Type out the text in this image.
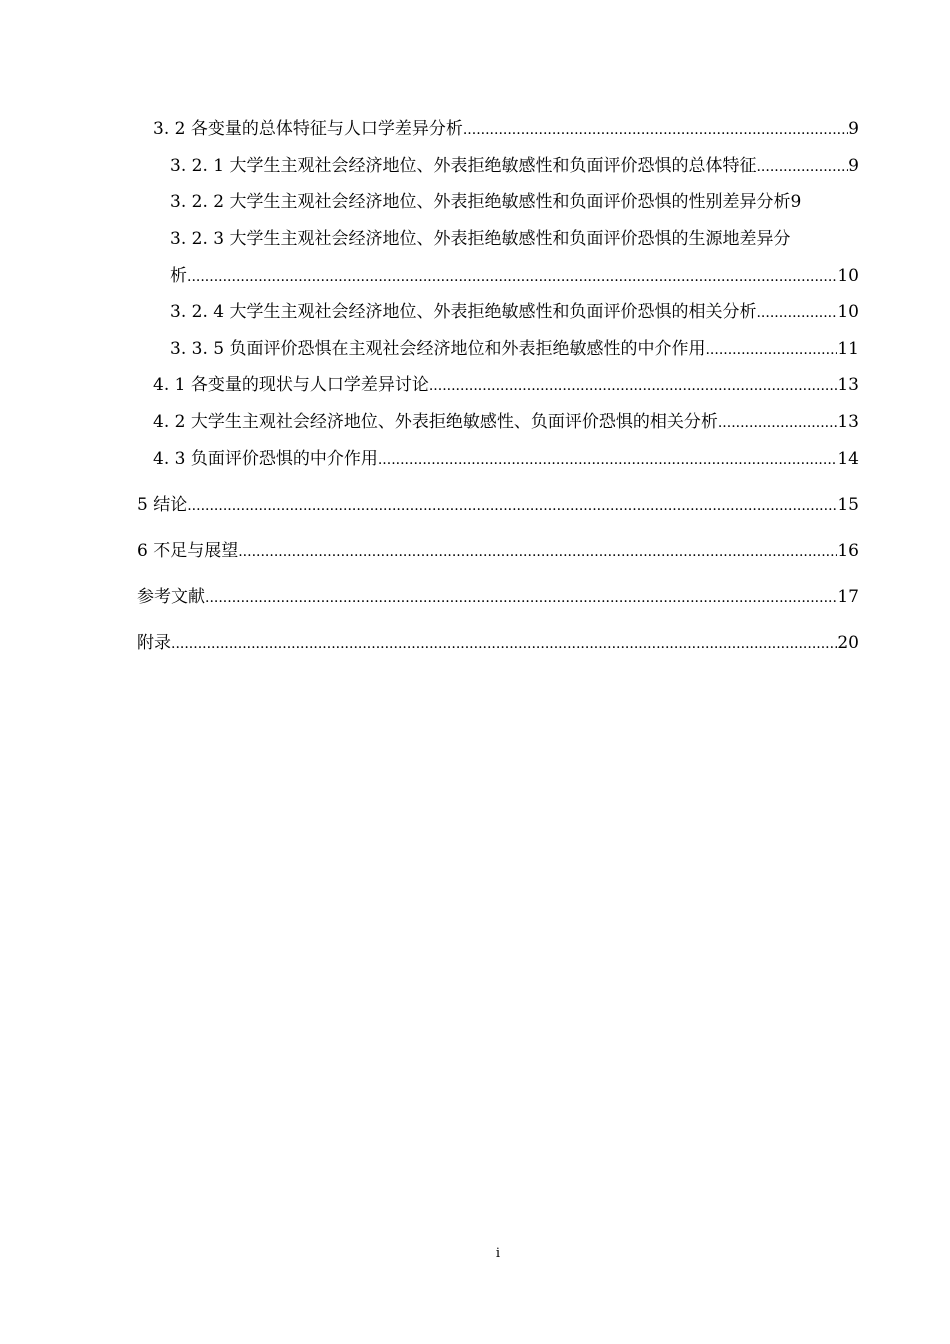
3. 2 各变量的总体特征与人口学差异分析 .....	9
3. 2. 1 大学生主观社会经济地位、外表拒绝敏感性和负面评价恐惧的总体特征 .....	9
3. 2. 2 大学生主观社会经济地位、外表拒绝敏感性和负面评价恐惧的性别差异分析 9
3. 2. 3 大学生主观社会经济地位、外表拒绝敏感性和负面评价恐惧的生源地差异分
析 .....	10
3. 2. 4 大学生主观社会经济地位、外表拒绝敏感性和负面评价恐惧的相关分析 .....	10
3. 3. 5 负面评价恐惧在主观社会经济地位和外表拒绝敏感性的中介作用 .....	11
4. 1 各变量的现状与人口学差异讨论 .....	13
4. 2 大学生主观社会经济地位、外表拒绝敏感性、负面评价恐惧的相关分析 .....	13
4. 3 负面评价恐惧的中介作用 .....	14
5 结论 .....	15
6 不足与展望 .....	16
参考文献 .....	17
附录 .....	20
i
